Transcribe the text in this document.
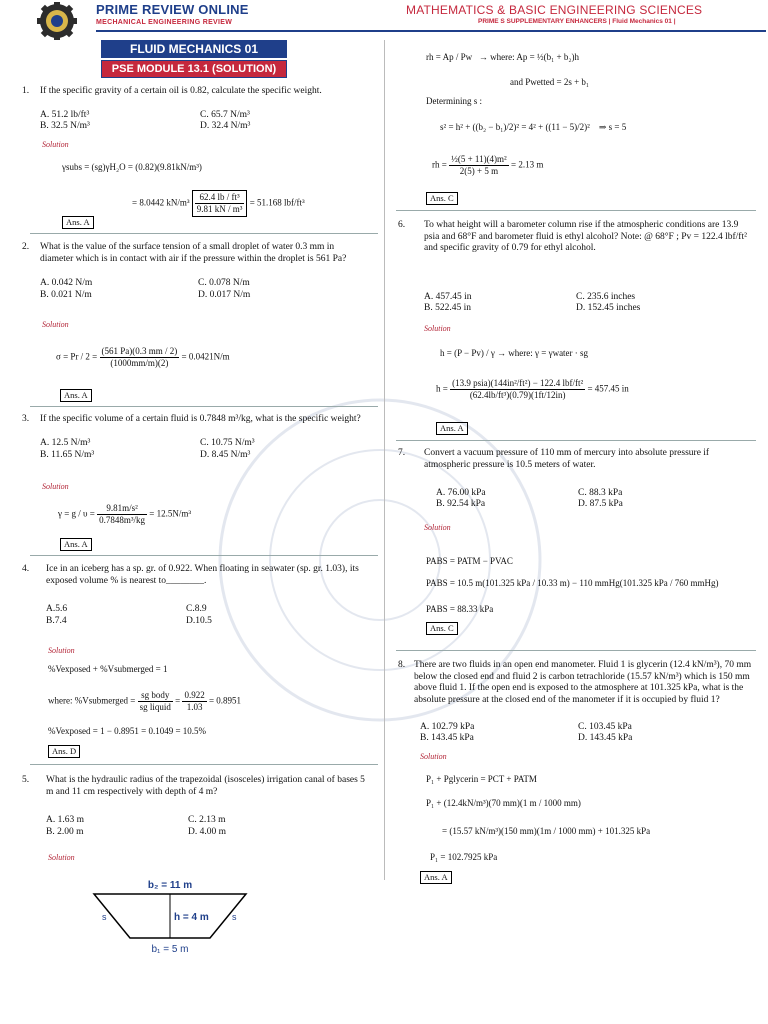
PRIME REVIEW ONLINE
MECHANICAL ENGINEERING REVIEW
MATHEMATICS & BASIC ENGINEERING SCIENCES
PRIME S SUPPLEMENTARY ENHANCERS | Fluid Mechanics 01 |
FLUID MECHANICS 01
PSE MODULE 13.1 (SOLUTION)
1.	If the specific gravity of a certain oil is 0.82, calculate the specific weight.
A. 51.2 lb/ft³
B. 32.5 N/m³
C. 65.7 N/m³
D. 32.4 N/m³
Solution
γsubs = (sg)γH₂O = (0.82)(9.81kN/m³)
= 8.0442 $kN/m^3 \frac{\text{62.4 lb / ft³}}{\text{9.81 kN / m³}} = 51.168$ lbf/ft³
Ans. A
2.	What is the value of the surface tension of a small droplet of water 0.3 mm in diameter which is in contact with air if the pressure within the droplet is 561 Pa?
A. 0.042 N/m
B. 0.021 N/m
C. 0.078 N/m
D. 0.017 N/m
Solution
$\sigma = Pr / 2 = \frac{(561 Pa)(0.3 mm / 2)}{(1000mm/m)(2)} = 0.0421N/m$
Ans. A
3.	If the specific volume of a certain fluid is 0.7848 m³/kg, what is the specific weight?
A. 12.5 N/m³
B. 11.65 N/m³
C. 10.75 N/m³
D. 8.45 N/m³
Solution
$\gamma = g / \upsilon = \frac{\text{9.81m/s²}}{\text{0.7848m³/kg}} = 12.5N/m^3$
Ans. A
4.	Ice in an iceberg has a sp. gr. of 0.922. When floating in seawater (sp. gr. 1.03), its exposed volume % is nearest to________.
A.5.6
B.7.4
C.8.9
D.10.5
Solution
%Vexposed + %Vsubmerged = 1
where: %Vsubmerged = $\frac{\text{sg body}}{\text{sg liquid}} = \frac{0.922}{1.03} = 0.8951$
%Vexposed = 1 − 0.8951 = 0.1049 = 10.5%
Ans. D
5.	What is the hydraulic radius of the trapezoidal (isosceles) irrigation canal of bases 5 m and 11 cm respectively with depth of 4 m?
A. 1.63 m
B. 2.00 m
C. 2.13 m
D. 4.00 m
Solution
b₂ = 11 m
h = 4 m
s	s
b₁ = 5 m
rh = Ap / Pw → where: Ap = ½(b₁ + b₂)h
and Pwetted = 2s + b₁
Determining s :
s² = h² + ((b₂ − b₁)/2)² = 4² + ((11 − 5)/2)² ⇒ s = 5
rh = $\frac{\text{½(5 + 11)(4)m²}}{2(5) + 5 m} = 2.13$ m
Ans. C
6.	To what height will a barometer column rise if the atmospheric conditions are 13.9 psia and 68°F and barometer fluid is ethyl alcohol? Note: @ 68°F ; Pv = 122.4 lbf/ft² and specific gravity of 0.79 for ethyl alcohol.
A. 457.45 in
B. 522.45 in
C. 235.6 inches
D. 152.45 inches
Solution
h = (P − Pv) / γ → where: γ = γwater · sg
$h = \frac{\text{(13.9 psia)(144in²/ft²) − 122.4 lbf/ft²}}{\text{(62.4lb/ft³)(0.79)(1ft/12in)}} = 457.45$ in
Ans. A
7.	Convert a vacuum pressure of 110 mm of mercury into absolute pressure if atmospheric pressure is 10.5 meters of water.
A. 76.00 kPa
B. 92.54 kPa
C. 88.3 kPa
D. 87.5 kPa
Solution
PABS = PATM − PVAC
PABS = 10.5 m(101.325 kPa / 10.33 m) − 110 mmHg(101.325 kPa / 760 mmHg)
PABS = 88.33 kPa
Ans. C
8. There are two fluids in an open end manometer. Fluid 1 is glycerin (12.4 kN/m³), 70 mm below the closed end and fluid 2 is carbon tetrachloride (15.57 kN/m³) which is 150 mm above fluid 1. If the open end is exposed to the atmosphere at 101.325 kPa, what is the absolute pressure at the closed end of the manometer if it is occupied by fluid 1?
A. 102.79 kPa
B. 143.45 kPa
C. 103.45 kPa
D. 143.45 kPa
Solution
P₁ + Pglycerin = PCT + PATM
P₁ + (12.4kN/m³)(70 mm)(1 m / 1000 mm)
= (15.57 kN/m³)(150 mm)(1m / 1000 mm) + 101.325 kPa
P₁ = 102.7925 kPa
Ans. A
